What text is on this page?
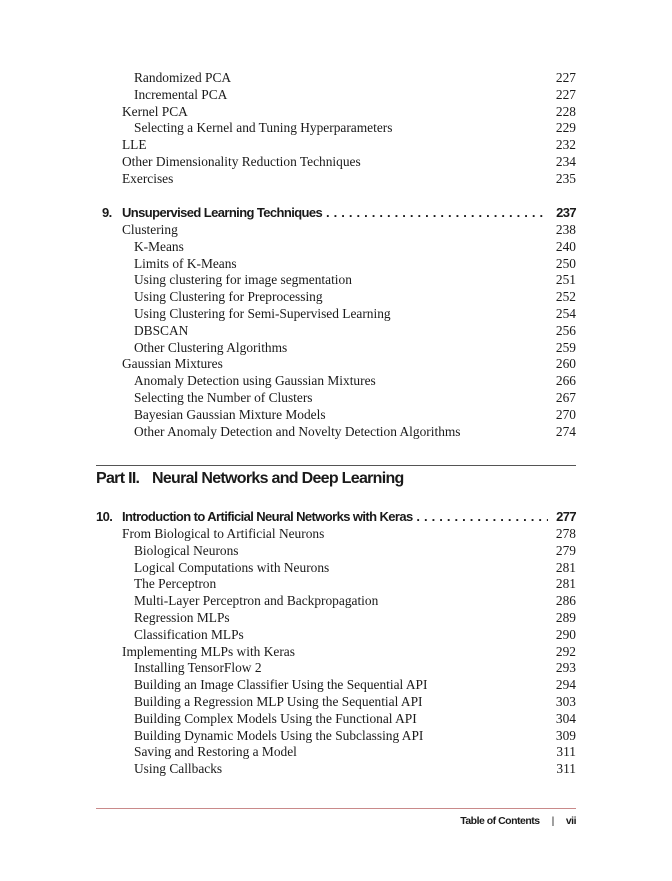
Randomized PCA	227
Incremental PCA	227
Kernel PCA	228
Selecting a Kernel and Tuning Hyperparameters	229
LLE	232
Other Dimensionality Reduction Techniques	234
Exercises	235
9. Unsupervised Learning Techniques . . .	237
Clustering	238
K-Means	240
Limits of K-Means	250
Using clustering for image segmentation	251
Using Clustering for Preprocessing	252
Using Clustering for Semi-Supervised Learning	254
DBSCAN	256
Other Clustering Algorithms	259
Gaussian Mixtures	260
Anomaly Detection using Gaussian Mixtures	266
Selecting the Number of Clusters	267
Bayesian Gaussian Mixture Models	270
Other Anomaly Detection and Novelty Detection Algorithms	274
Part II. Neural Networks and Deep Learning
10. Introduction to Artificial Neural Networks with Keras . . .	277
From Biological to Artificial Neurons	278
Biological Neurons	279
Logical Computations with Neurons	281
The Perceptron	281
Multi-Layer Perceptron and Backpropagation	286
Regression MLPs	289
Classification MLPs	290
Implementing MLPs with Keras	292
Installing TensorFlow 2	293
Building an Image Classifier Using the Sequential API	294
Building a Regression MLP Using the Sequential API	303
Building Complex Models Using the Functional API	304
Building Dynamic Models Using the Subclassing API	309
Saving and Restoring a Model	311
Using Callbacks	311
Table of Contents | vii
